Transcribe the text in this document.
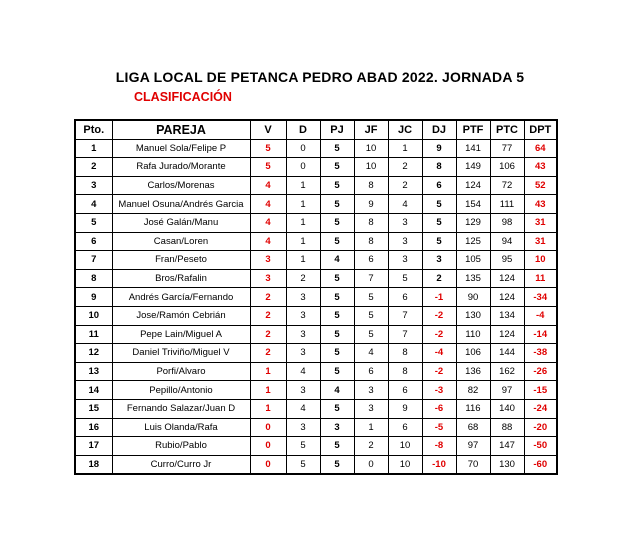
LIGA LOCAL DE PETANCA PEDRO ABAD 2022. JORNADA 5
CLASIFICACIÓN
Pto.	PAREJA	V	D	PJ	JF	JC	DJ	PTF	PTC	DPT
1	Manuel Sola/Felipe P	5	0	5	10	1	9	141	77	64
2	Rafa Jurado/Morante	5	0	5	10	2	8	149	106	43
3	Carlos/Morenas	4	1	5	8	2	6	124	72	52
4	Manuel Osuna/Andrés Garcia	4	1	5	9	4	5	154	111	43
5	José Galán/Manu	4	1	5	8	3	5	129	98	31
6	Casan/Loren	4	1	5	8	3	5	125	94	31
7	Fran/Peseto	3	1	4	6	3	3	105	95	10
8	Bros/Rafalin	3	2	5	7	5	2	135	124	11
9	Andrés García/Fernando	2	3	5	5	6	-1	90	124	-34
10	Jose/Ramón Cebrián	2	3	5	5	7	-2	130	134	-4
11	Pepe Lain/Miguel A	2	3	5	5	7	-2	110	124	-14
12	Daniel Triviño/Miguel V	2	3	5	4	8	-4	106	144	-38
13	Porfi/Alvaro	1	4	5	6	8	-2	136	162	-26
14	Pepillo/Antonio	1	3	4	3	6	-3	82	97	-15
15	Fernando Salazar/Juan D	1	4	5	3	9	-6	116	140	-24
16	Luis Olanda/Rafa	0	3	3	1	6	-5	68	88	-20
17	Rubio/Pablo	0	5	5	2	10	-8	97	147	-50
18	Curro/Curro Jr	0	5	5	0	10	-10	70	130	-60
